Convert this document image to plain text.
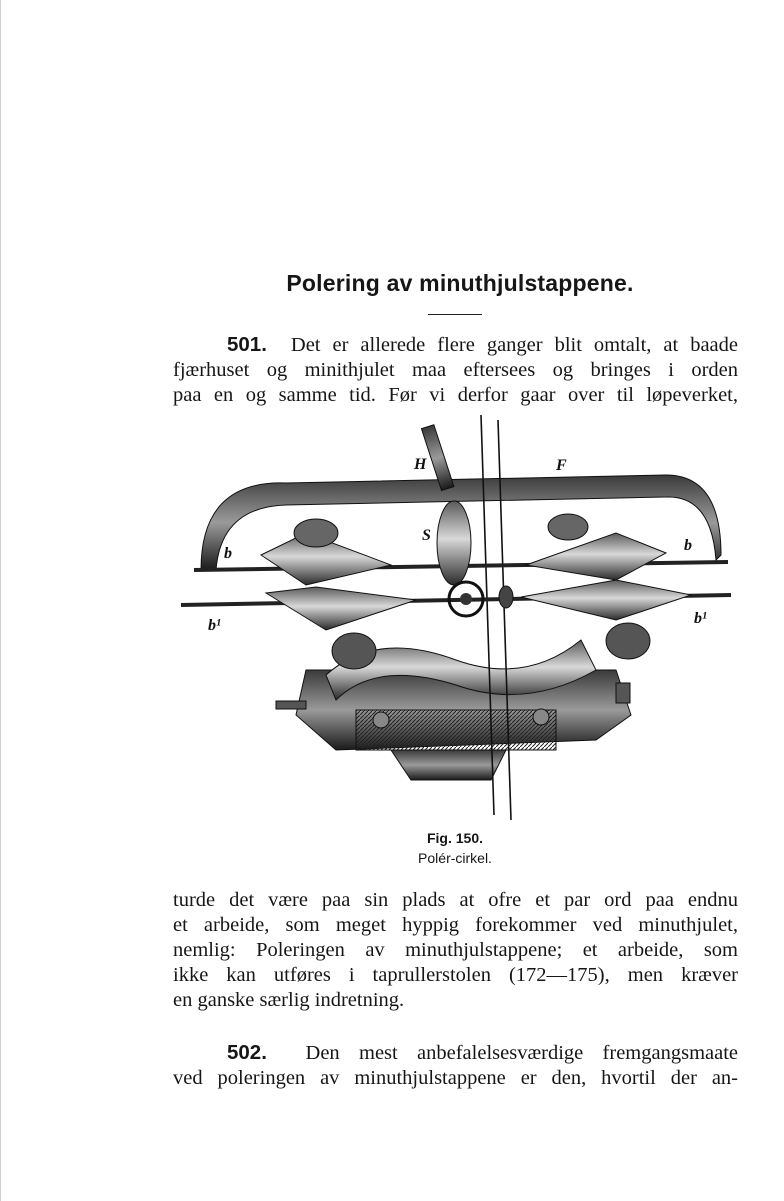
Polering av minuthjulstappene.
501. Det er allerede flere ganger blit omtalt, at baade
fjærhuset og minithjulet maa eftersees og bringes i orden
paa en og samme tid. Før vi derfor gaar over til løpeverket,
H	F
S
b	b
b¹	b¹
Fig. 150.
Polér-cirkel.
turde det være paa sin plads at ofre et par ord paa endnu
et arbeide, som meget hyppig forekommer ved minuthjulet,
nemlig: Poleringen av minuthjulstappene; et arbeide, som
ikke kan utføres i taprullerstolen (172—175), men kræver
en ganske særlig indretning.
502. Den mest anbefalelsesværdige fremgangsmaate
ved poleringen av minuthjulstappene er den, hvortil der an-
